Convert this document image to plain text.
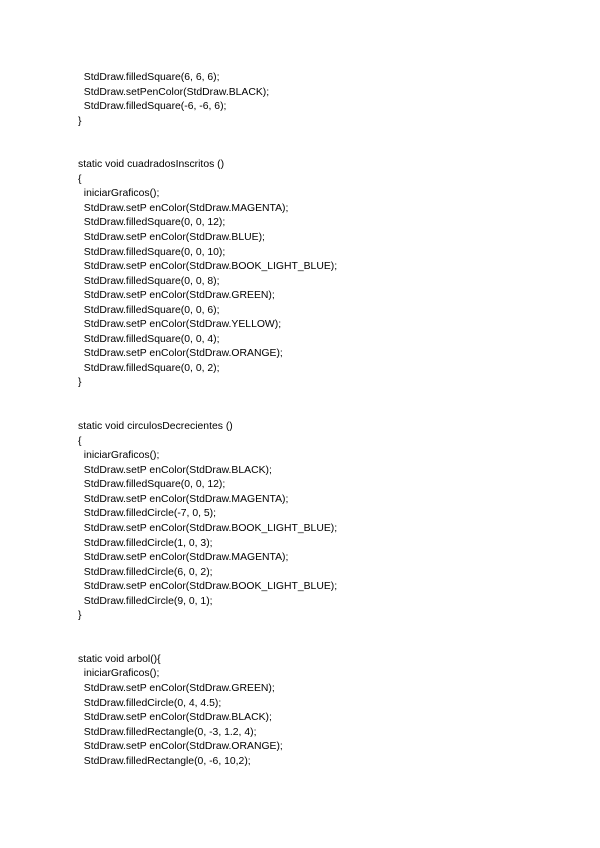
StdDraw.filledSquare(6, 6, 6);
StdDraw.setPenColor(StdDraw.BLACK);
StdDraw.filledSquare(-6, -6, 6);
}
static void cuadradosInscritos ()
{
iniciarGraficos();
StdDraw.setP enColor(StdDraw.MAGENTA);
StdDraw.filledSquare(0, 0, 12);
StdDraw.setP enColor(StdDraw.BLUE);
StdDraw.filledSquare(0, 0, 10);
StdDraw.setP enColor(StdDraw.BOOK_LIGHT_BLUE);
StdDraw.filledSquare(0, 0, 8);
StdDraw.setP enColor(StdDraw.GREEN);
StdDraw.filledSquare(0, 0, 6);
StdDraw.setP enColor(StdDraw.YELLOW);
StdDraw.filledSquare(0, 0, 4);
StdDraw.setP enColor(StdDraw.ORANGE);
StdDraw.filledSquare(0, 0, 2);
}
static void circulosDecrecientes ()
{
iniciarGraficos();
StdDraw.setP enColor(StdDraw.BLACK);
StdDraw.filledSquare(0, 0, 12);
StdDraw.setP enColor(StdDraw.MAGENTA);
StdDraw.filledCircle(-7, 0, 5);
StdDraw.setP enColor(StdDraw.BOOK_LIGHT_BLUE);
StdDraw.filledCircle(1, 0, 3);
StdDraw.setP enColor(StdDraw.MAGENTA);
StdDraw.filledCircle(6, 0, 2);
StdDraw.setP enColor(StdDraw.BOOK_LIGHT_BLUE);
StdDraw.filledCircle(9, 0, 1);
}
static void arbol(){
iniciarGraficos();
StdDraw.setP enColor(StdDraw.GREEN);
StdDraw.filledCircle(0, 4, 4.5);
StdDraw.setP enColor(StdDraw.BLACK);
StdDraw.filledRectangle(0, -3, 1.2, 4);
StdDraw.setP enColor(StdDraw.ORANGE);
StdDraw.filledRectangle(0, -6, 10,2);
